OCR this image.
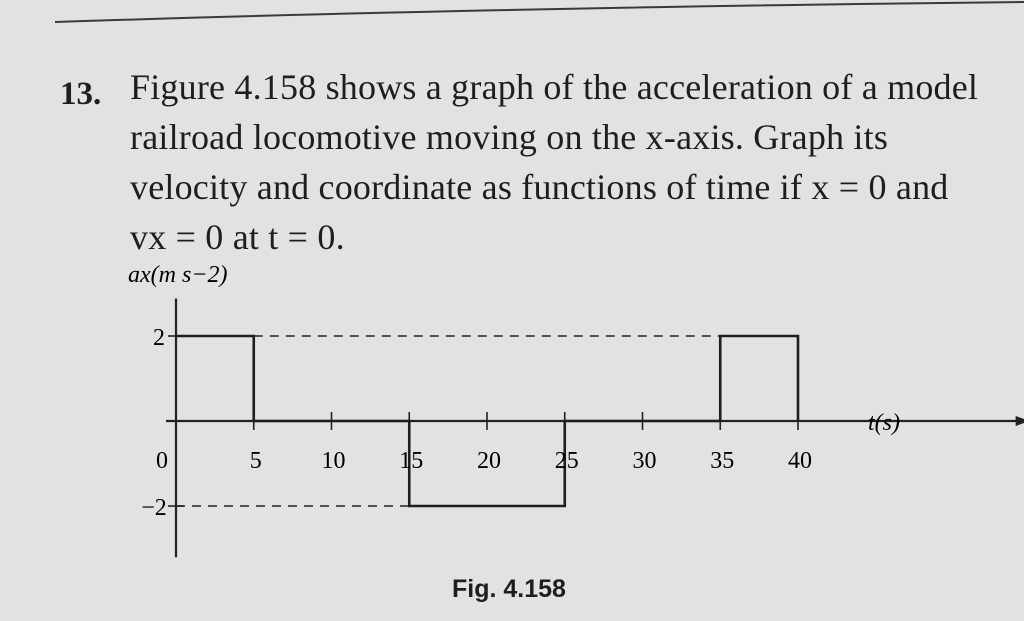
13. Figure 4.158 shows a graph of the acceleration of a model
railroad locomotive moving on the x-axis. Graph its
velocity and coordinate as functions of time if x = 0 and
vx = 0 at t = 0.
0	5 10 15 20 25 30 35 40
2
−2
ax(m s−2)
t(s)
Fig. 4.158
